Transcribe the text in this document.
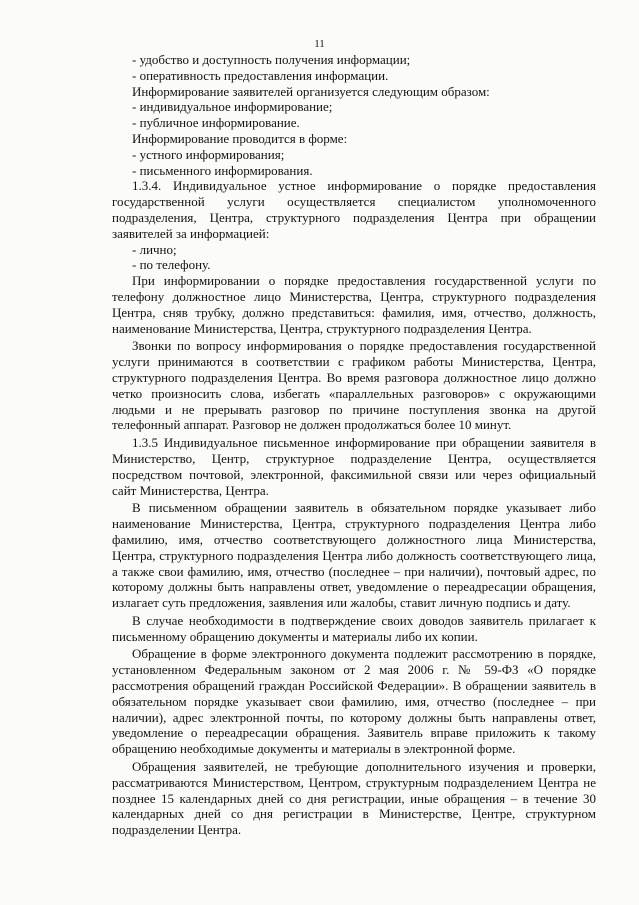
11
- удобство и доступность получения информации;
- оперативность предоставления информации.
Информирование заявителей организуется следующим образом:
- индивидуальное информирование;
- публичное информирование.
Информирование проводится в форме:
- устного информирования;
- письменного информирования.

1.3.4. Индивидуальное устное информирование о порядке предоставления государственной услуги осуществляется специалистом уполномоченного подразделения, Центра, структурного подразделения Центра при обращении заявителей за информацией:

- лично;
- по телефону.

При информировании о порядке предоставления государственной услуги по телефону должностное лицо Министерства, Центра, структурного подразделения Центра, сняв трубку, должно представиться: фамилия, имя, отчество, должность, наименование Министерства, Центра, структурного подразделения Центра.

Звонки по вопросу информирования о порядке предоставления государственной услуги принимаются в соответствии с графиком работы Министерства, Центра, структурного подразделения Центра. Во время разговора должностное лицо должно четко произносить слова, избегать «параллельных разговоров» с окружающими людьми и не прерывать разговор по причине поступления звонка на другой телефонный аппарат. Разговор не должен продолжаться более 10 минут.

1.3.5 Индивидуальное письменное информирование при обращении заявителя в Министерство, Центр, структурное подразделение Центра, осуществляется посредством почтовой, электронной, факсимильной связи или через официальный сайт Министерства, Центра.

В письменном обращении заявитель в обязательном порядке указывает либо наименование Министерства, Центра, структурного подразделения Центра либо фамилию, имя, отчество соответствующего должностного лица Министерства, Центра, структурного подразделения Центра либо должность соответствующего лица, а также свои фамилию, имя, отчество (последнее – при наличии), почтовый адрес, по которому должны быть направлены ответ, уведомление о переадресации обращения, излагает суть предложения, заявления или жалобы, ставит личную подпись и дату.

В случае необходимости в подтверждение своих доводов заявитель прилагает к письменному обращению документы и материалы либо их копии.

Обращение в форме электронного документа подлежит рассмотрению в порядке, установленном Федеральным законом от 2 мая 2006 г. № 59-ФЗ «О порядке рассмотрения обращений граждан Российской Федерации». В обращении заявитель в обязательном порядке указывает свои фамилию, имя, отчество (последнее – при наличии), адрес электронной почты, по которому должны быть направлены ответ, уведомление о переадресации обращения. Заявитель вправе приложить к такому обращению необходимые документы и материалы в электронной форме.

Обращения заявителей, не требующие дополнительного изучения и проверки, рассматриваются Министерством, Центром, структурным подразделением Центра не позднее 15 календарных дней со дня регистрации, иные обращения – в течение 30 календарных дней со дня регистрации в Министерстве, Центре, структурном подразделении Центра.
